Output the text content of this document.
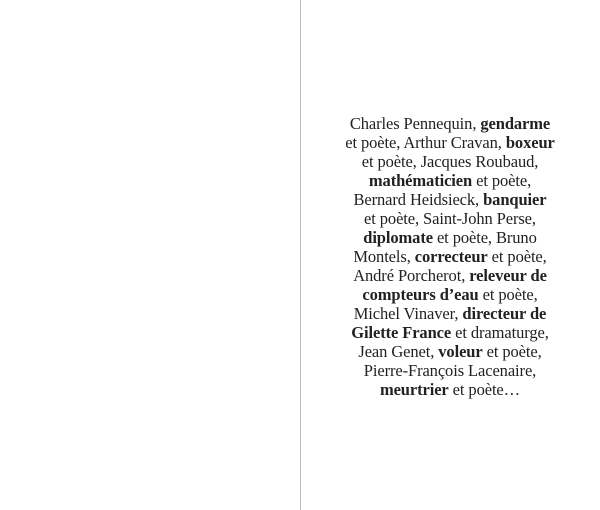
Charles Pennequin, gendarme
et poète, Arthur Cravan, boxeur
et poète, Jacques Roubaud,
mathématicien et poète,
Bernard Heidsieck, banquier
et poète, Saint-John Perse,
diplomate et poète, Bruno
Montels, correcteur et poète,
André Porcherot, releveur de
compteurs d’eau et poète,
Michel Vinaver, directeur de
Gilette France et dramaturge,
Jean Genet, voleur et poète,
Pierre-François Lacenaire,
meurtrier et poète…
